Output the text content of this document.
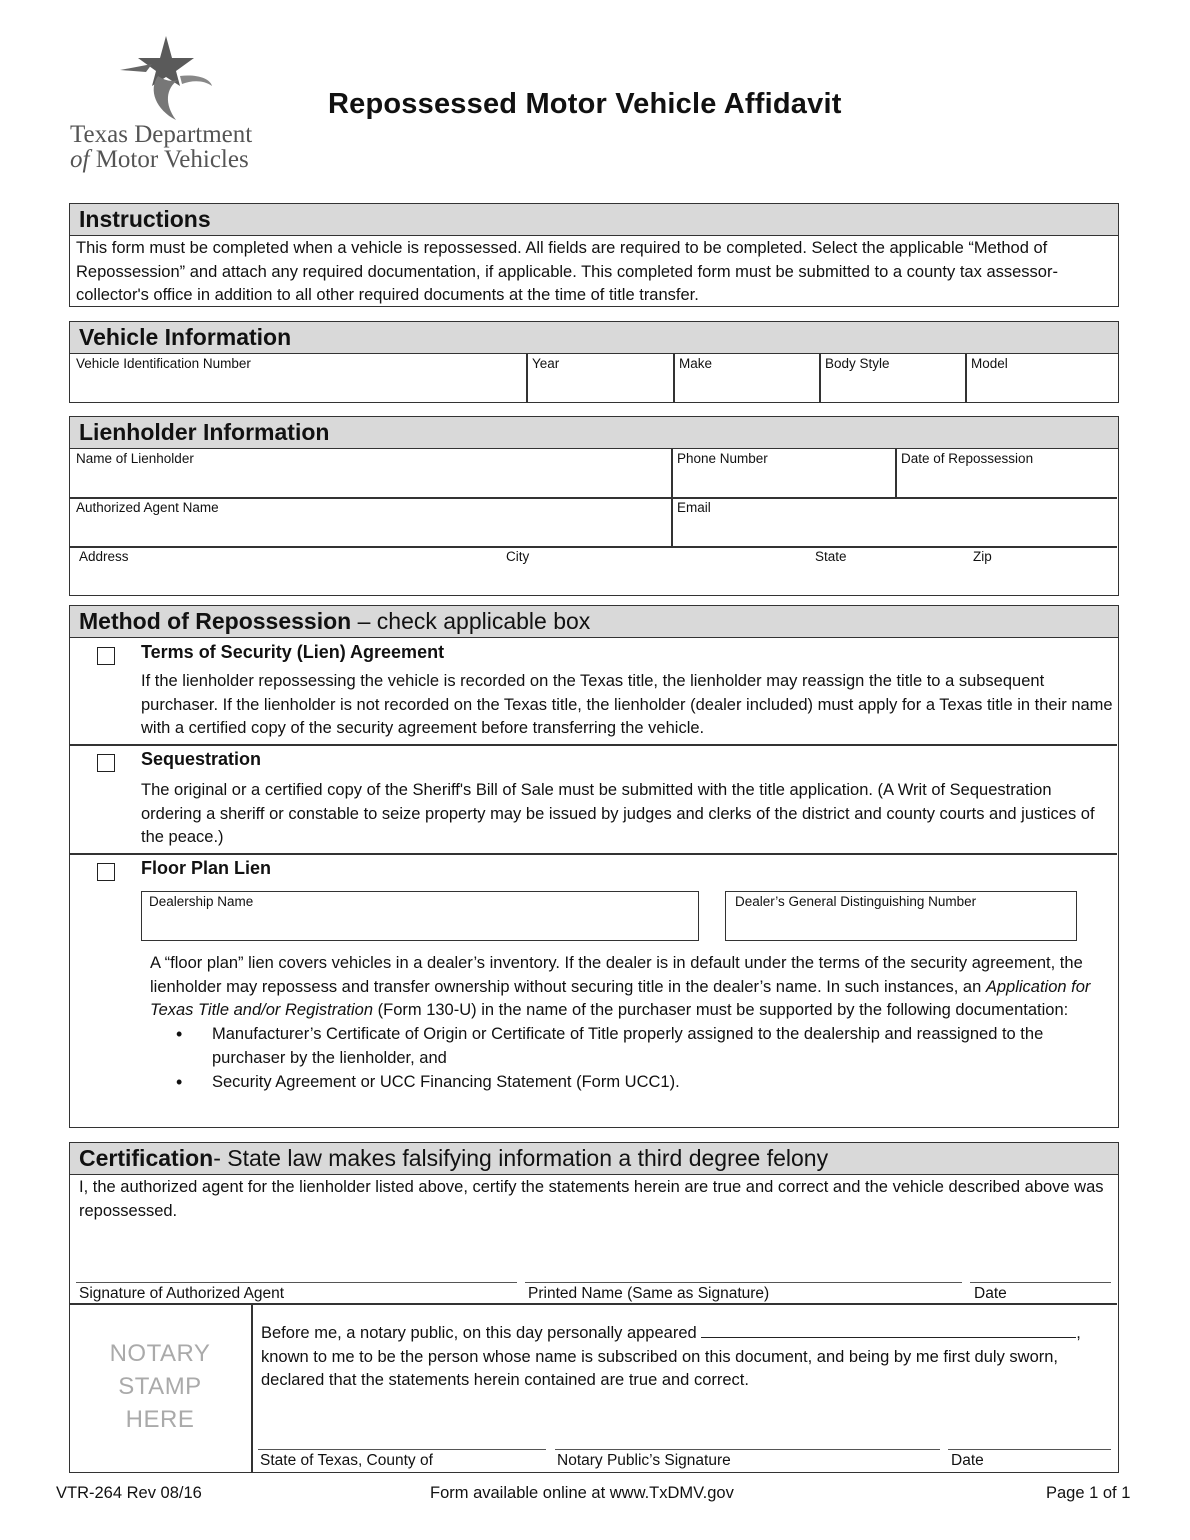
Texas Department
of Motor Vehicles
Repossessed Motor Vehicle Affidavit
Instructions
This form must be completed when a vehicle is repossessed. All fields are required to be completed. Select the applicable “Method of Repossession” and attach any required documentation, if applicable. This completed form must be submitted to a county tax assessor-collector's office in addition to all other required documents at the time of title transfer.
Vehicle Information
Vehicle Identification Number	Year	Make	Body Style	Model
Lienholder Information
Name of Lienholder	Phone Number	Date of Repossession
Authorized Agent Name	Email
Address	City	State	Zip
Method of Repossession – check applicable box
Terms of Security (Lien) Agreement
If the lienholder repossessing the vehicle is recorded on the Texas title, the lienholder may reassign the title to a subsequent purchaser. If the lienholder is not recorded on the Texas title, the lienholder (dealer included) must apply for a Texas title in their name with a certified copy of the security agreement before transferring the vehicle.
Sequestration
The original or a certified copy of the Sheriff's Bill of Sale must be submitted with the title application. (A Writ of Sequestration ordering a sheriff or constable to seize property may be issued by judges and clerks of the district and county courts and justices of the peace.)
Floor Plan Lien
Dealership Name	Dealer’s General Distinguishing Number
A “floor plan” lien covers vehicles in a dealer’s inventory. If the dealer is in default under the terms of the security agreement, the lienholder may repossess and transfer ownership without securing title in the dealer’s name. In such instances, an Application for Texas Title and/or Registration (Form 130-U) in the name of the purchaser must be supported by the following documentation:
• Manufacturer’s Certificate of Origin or Certificate of Title properly assigned to the dealership and reassigned to the purchaser by the lienholder, and
• Security Agreement or UCC Financing Statement (Form UCC1).
Certification- State law makes falsifying information a third degree felony
I, the authorized agent for the lienholder listed above, certify the statements herein are true and correct and the vehicle described above was repossessed.
Signature of Authorized Agent	Printed Name (Same as Signature)	Date
NOTARY
STAMP
HERE
Before me, a notary public, on this day personally appeared	, known to me to be the person whose name is subscribed on this document, and being by me first duly sworn, declared that the statements herein contained are true and correct.
State of Texas, County of	Notary Public’s Signature	Date
VTR-264 Rev 08/16	Form available online at www.TxDMV.gov	Page 1 of 1
